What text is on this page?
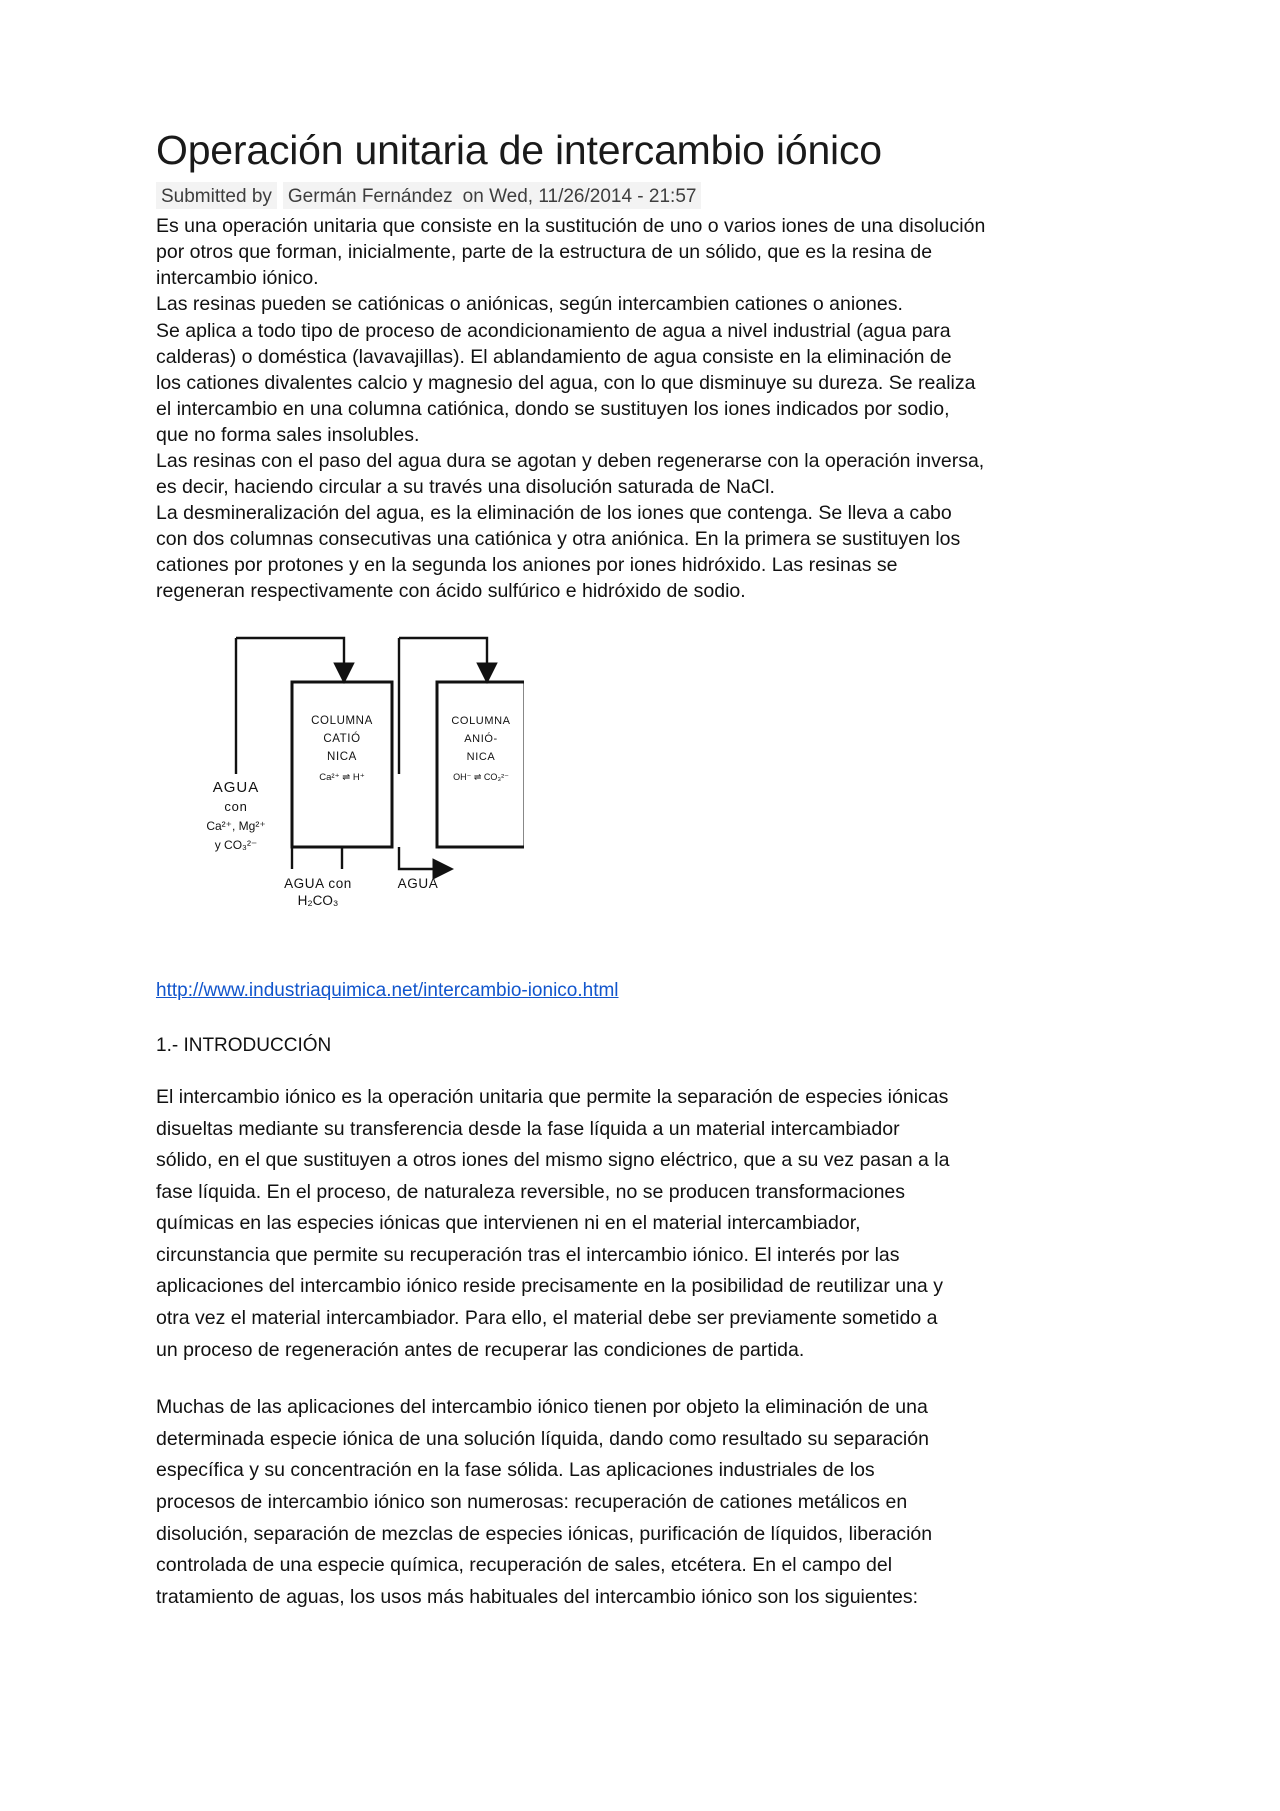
Operación unitaria de intercambio iónico
Submitted by Germán Fernández on Wed, 11/26/2014 - 21:57

Es una operación unitaria que consiste en la sustitución de uno o varios iones de una disolución
por otros que forman, inicialmente, parte de la estructura de un sólido, que es la resina de
intercambio iónico.
Las resinas pueden se catiónicas o aniónicas, según intercambien cationes o aniones.
Se aplica a todo tipo de proceso de acondicionamiento de agua a nivel industrial (agua para
calderas) o doméstica (lavavajillas). El ablandamiento de agua consiste en la eliminación de
los cationes divalentes calcio y magnesio del agua, con lo que disminuye su dureza. Se realiza
el intercambio en una columna catiónica, dondo se sustituyen los iones indicados por sodio,
que no forma sales insolubles.
Las resinas con el paso del agua dura se agotan y deben regenerarse con la operación inversa,
es decir, haciendo circular a su través una disolución saturada de NaCl.
La desmineralización del agua, es la eliminación de los iones que contenga. Se lleva a cabo
con dos columnas consecutivas una catiónica y otra aniónica. En la primera se sustituyen los
cationes por protones y en la segunda los aniones por iones hidróxido. Las resinas se
regeneran respectivamente con ácido sulfúrico e hidróxido de sodio.

COLUMNA
CATIÓ
NICA
Ca²⁺ ⇌ H⁺
COLUMNA
ANIÓ-
NICA
OH⁻ ⇌ CO₃²⁻
AGUA
con
Ca²⁺, Mg²⁺
y CO₃²⁻
AGUA con
H₂CO₃
AGUA
http://www.industriaquimica.net/intercambio-ionico.html
1.- INTRODUCCIÓN
El intercambio iónico es la operación unitaria que permite la separación de especies iónicas disueltas mediante su transferencia desde la fase líquida a un material intercambiador sólido, en el que sustituyen a otros iones del mismo signo eléctrico, que a su vez pasan a la fase líquida. En el proceso, de naturaleza reversible, no se producen transformaciones químicas en las especies iónicas que intervienen ni en el material intercambiador, circunstancia que permite su recuperación tras el intercambio iónico. El interés por las aplicaciones del intercambio iónico reside precisamente en la posibilidad de reutilizar una y otra vez el material intercambiador. Para ello, el material debe ser previamente sometido a un proceso de regeneración antes de recuperar las condiciones de partida.
Muchas de las aplicaciones del intercambio iónico tienen por objeto la eliminación de una determinada especie iónica de una solución líquida, dando como resultado su separación específica y su concentración en la fase sólida. Las aplicaciones industriales de los procesos de intercambio iónico son numerosas: recuperación de cationes metálicos en disolución, separación de mezclas de especies iónicas, purificación de líquidos, liberación controlada de una especie química, recuperación de sales, etcétera. En el campo del tratamiento de aguas, los usos más habituales del intercambio iónico son los siguientes:
